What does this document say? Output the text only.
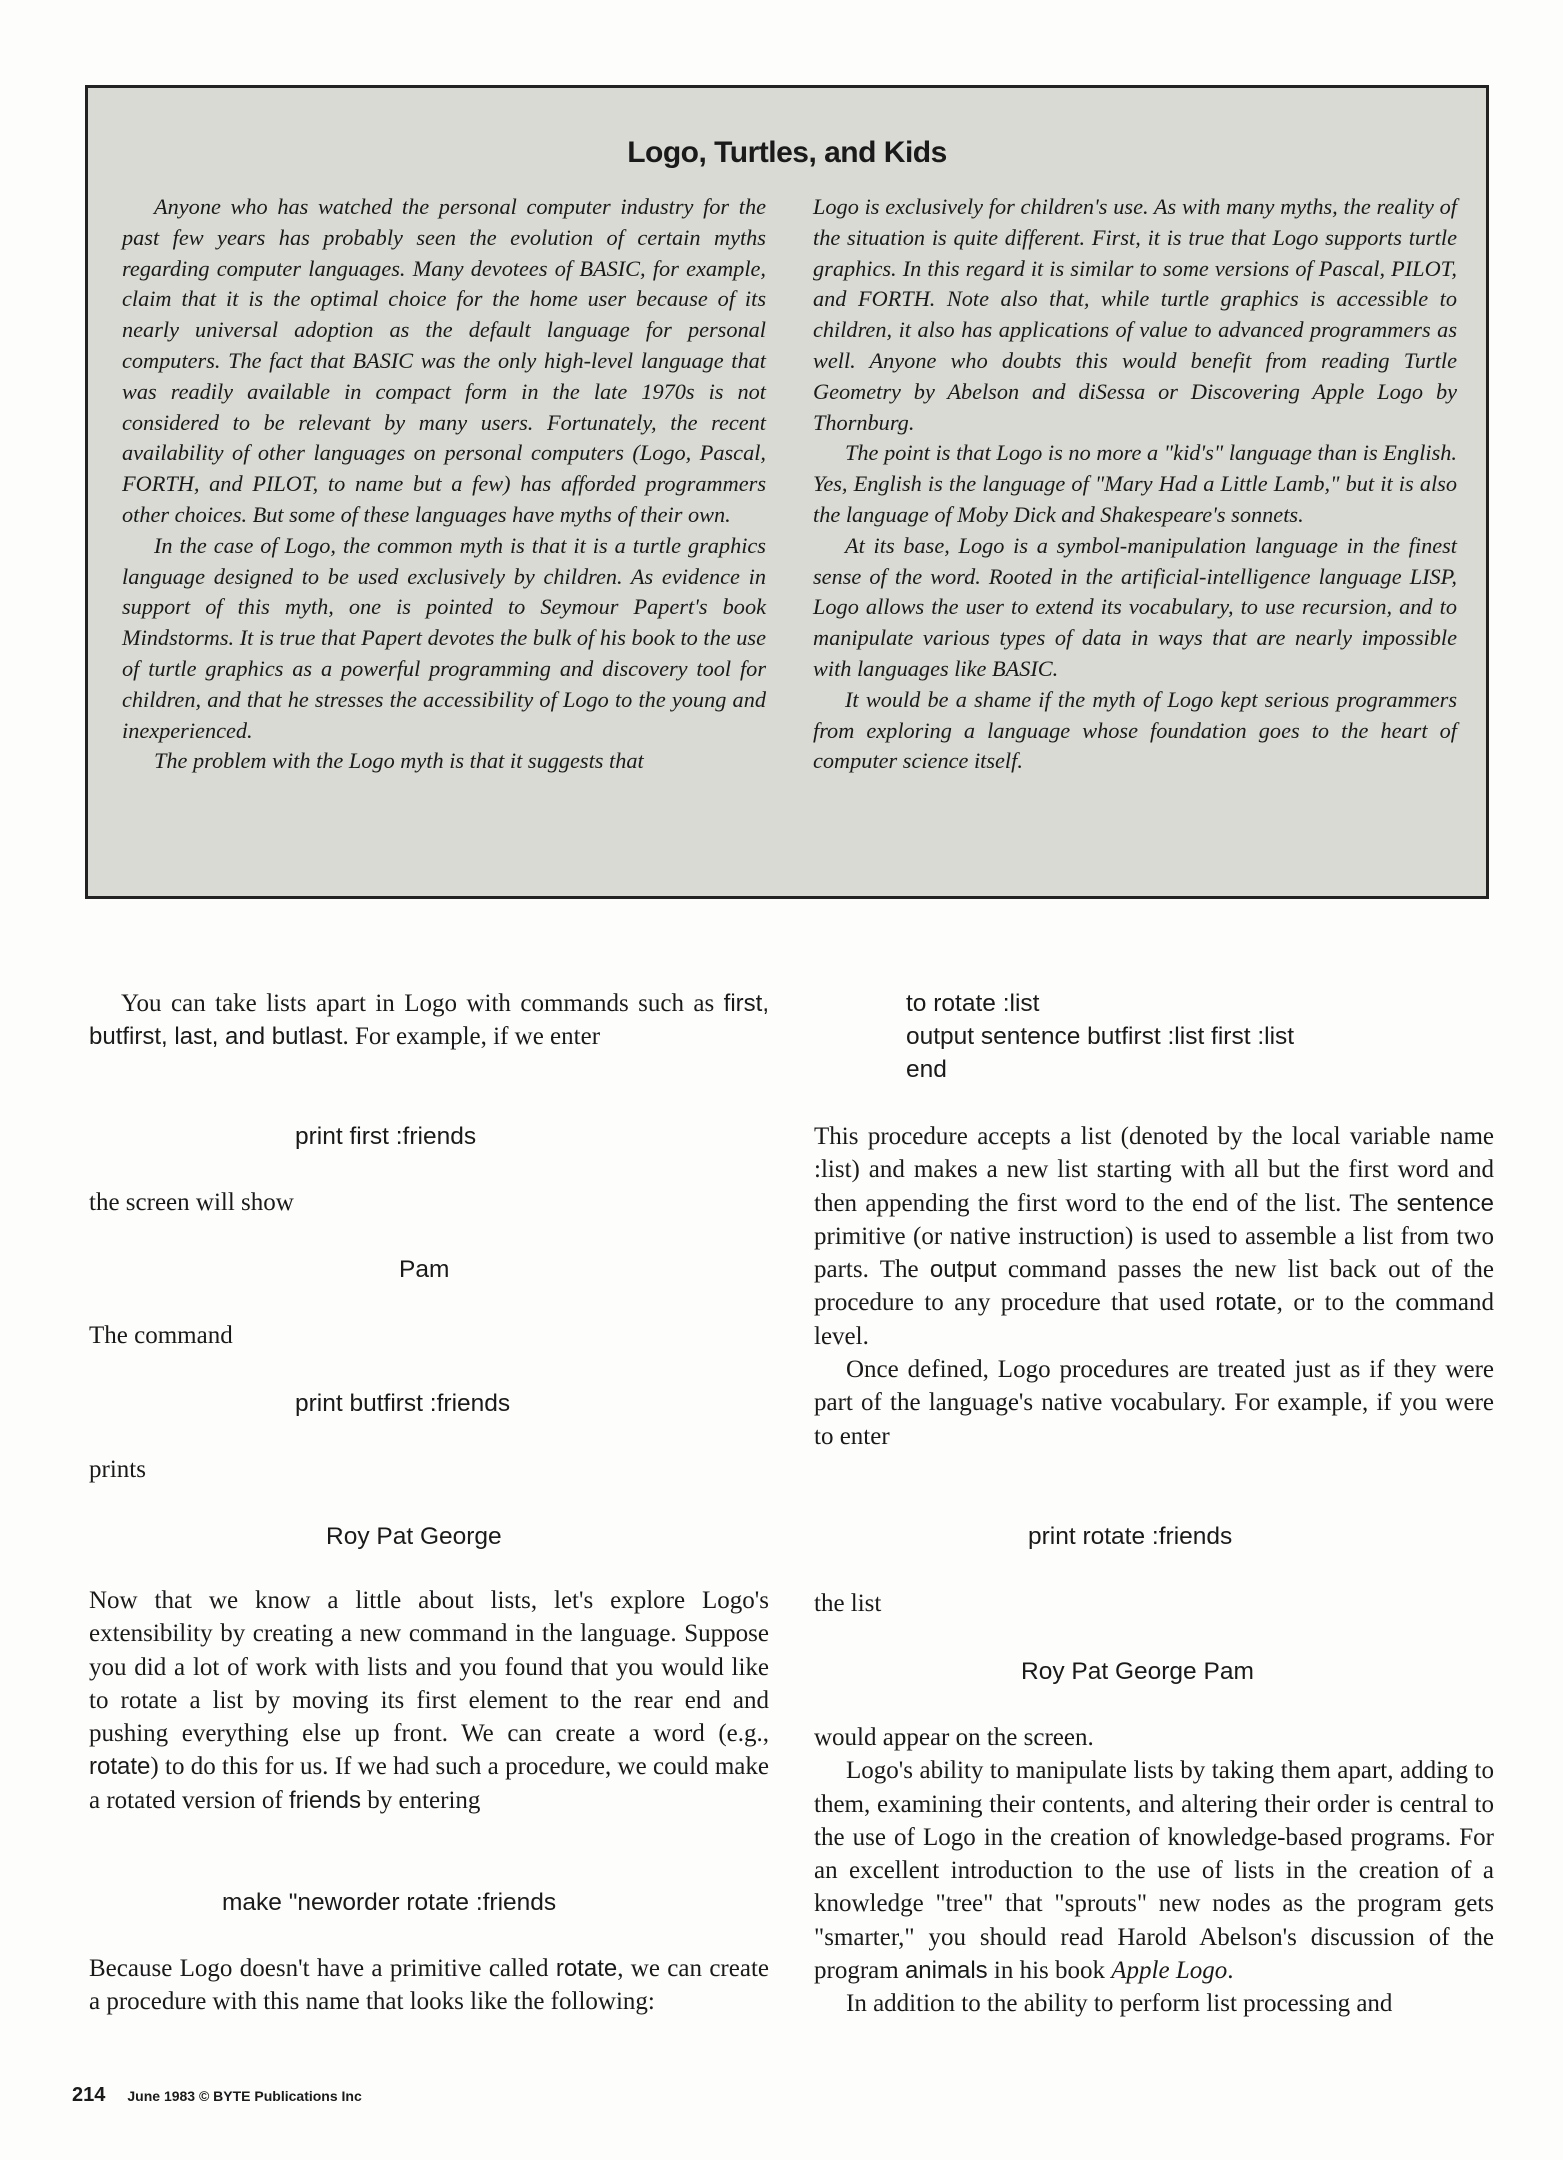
Logo, Turtles, and Kids

Anyone who has watched the personal computer industry for the past few years has probably seen the evolution of certain myths regarding computer languages. Many devotees of BASIC, for example, claim that it is the optimal choice for the home user because of its nearly universal adoption as the default language for personal computers. The fact that BASIC was the only high-level language that was readily available in compact form in the late 1970s is not considered to be relevant by many users. Fortunately, the recent availability of other languages on personal computers (Logo, Pascal, FORTH, and PILOT, to name but a few) has afforded programmers other choices. But some of these languages have myths of their own.

In the case of Logo, the common myth is that it is a turtle graphics language designed to be used exclusively by children. As evidence in support of this myth, one is pointed to Seymour Papert's book Mindstorms. It is true that Papert devotes the bulk of his book to the use of turtle graphics as a powerful programming and discovery tool for children, and that he stresses the accessibility of Logo to the young and inexperienced.

The problem with the Logo myth is that it suggests that

Logo is exclusively for children's use. As with many myths, the reality of the situation is quite different. First, it is true that Logo supports turtle graphics. In this regard it is similar to some versions of Pascal, PILOT, and FORTH. Note also that, while turtle graphics is accessible to children, it also has applications of value to advanced programmers as well. Anyone who doubts this would benefit from reading Turtle Geometry by Abelson and diSessa or Discovering Apple Logo by Thornburg.

The point is that Logo is no more a "kid's" language than is English. Yes, English is the language of "Mary Had a Little Lamb," but it is also the language of Moby Dick and Shakespeare's sonnets.

At its base, Logo is a symbol-manipulation language in the finest sense of the word. Rooted in the artificial-intelligence language LISP, Logo allows the user to extend its vocabulary, to use recursion, and to manipulate various types of data in ways that are nearly impossible with languages like BASIC.

It would be a shame if the myth of Logo kept serious programmers from exploring a language whose foundation goes to the heart of computer science itself.

You can take lists apart in Logo with commands such as first, butfirst, last, and butlast. For example, if we enter

print first :friends
the screen will show
Pam
The command
print butfirst :friends
prints
Roy Pat George

Now that we know a little about lists, let's explore Logo's extensibility by creating a new command in the language. Suppose you did a lot of work with lists and you found that you would like to rotate a list by moving its first element to the rear end and pushing everything else up front. We can create a word (e.g., rotate) to do this for us. If we had such a procedure, we could make a rotated version of friends by entering

make "neworder rotate :friends

Because Logo doesn't have a primitive called rotate, we can create a procedure with this name that looks like the following:

to rotate :list
output sentence butfirst :list first :list
end

This procedure accepts a list (denoted by the local variable name :list) and makes a new list starting with all but the first word and then appending the first word to the end of the list. The sentence primitive (or native instruction) is used to assemble a list from two parts. The output command passes the new list back out of the procedure to any procedure that used rotate, or to the command level.

Once defined, Logo procedures are treated just as if they were part of the language's native vocabulary. For example, if you were to enter

print rotate :friends
the list
Roy Pat George Pam

would appear on the screen.

Logo's ability to manipulate lists by taking them apart, adding to them, examining their contents, and altering their order is central to the use of Logo in the creation of knowledge-based programs. For an excellent introduction to the use of lists in the creation of a knowledge "tree" that "sprouts" new nodes as the program gets "smarter," you should read Harold Abelson's discussion of the program animals in his book Apple Logo.

In addition to the ability to perform list processing and

214 June 1983 © BYTE Publications Inc
